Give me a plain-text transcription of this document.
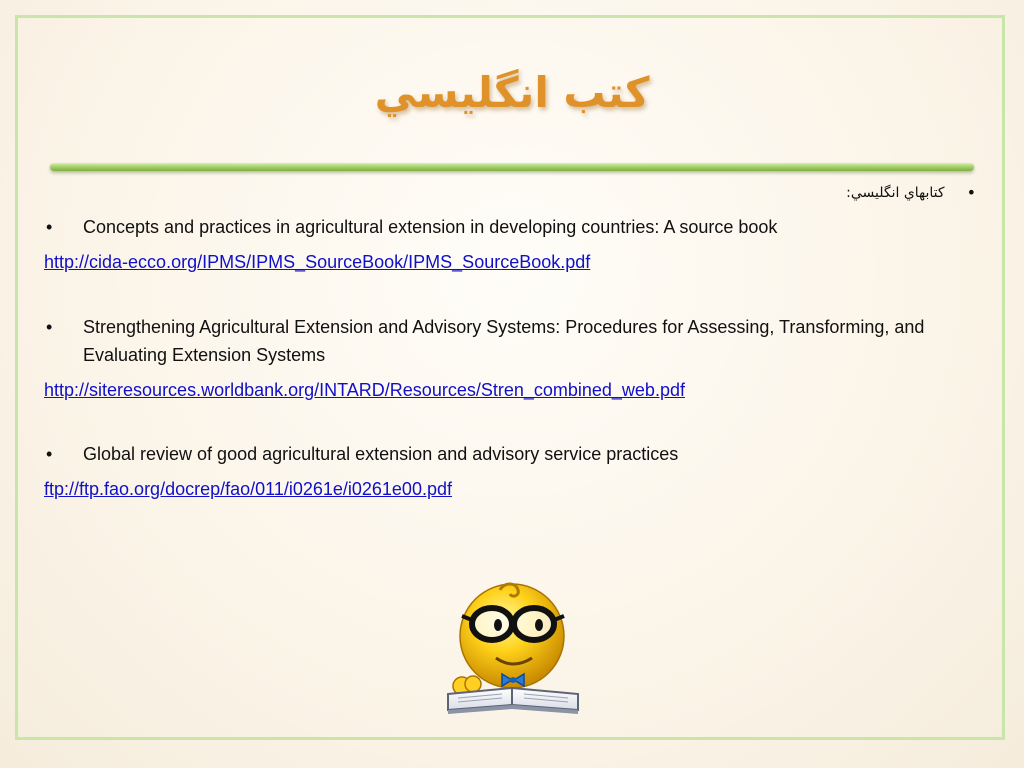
كتب انگليسي
•
كتابهاي انگليسي:
•	Concepts and practices in agricultural extension in developing countries: A source book
http://cida-ecco.org/IPMS/IPMS_SourceBook/IPMS_SourceBook.pdf
•	Strengthening Agricultural Extension and Advisory Systems: Procedures for Assessing, Transforming, and Evaluating Extension Systems
http://siteresources.worldbank.org/INTARD/Resources/Stren_combined_web.pdf
•	Global review of good agricultural extension and advisory service practices
ftp://ftp.fao.org/docrep/fao/011/i0261e/i0261e00.pdf
